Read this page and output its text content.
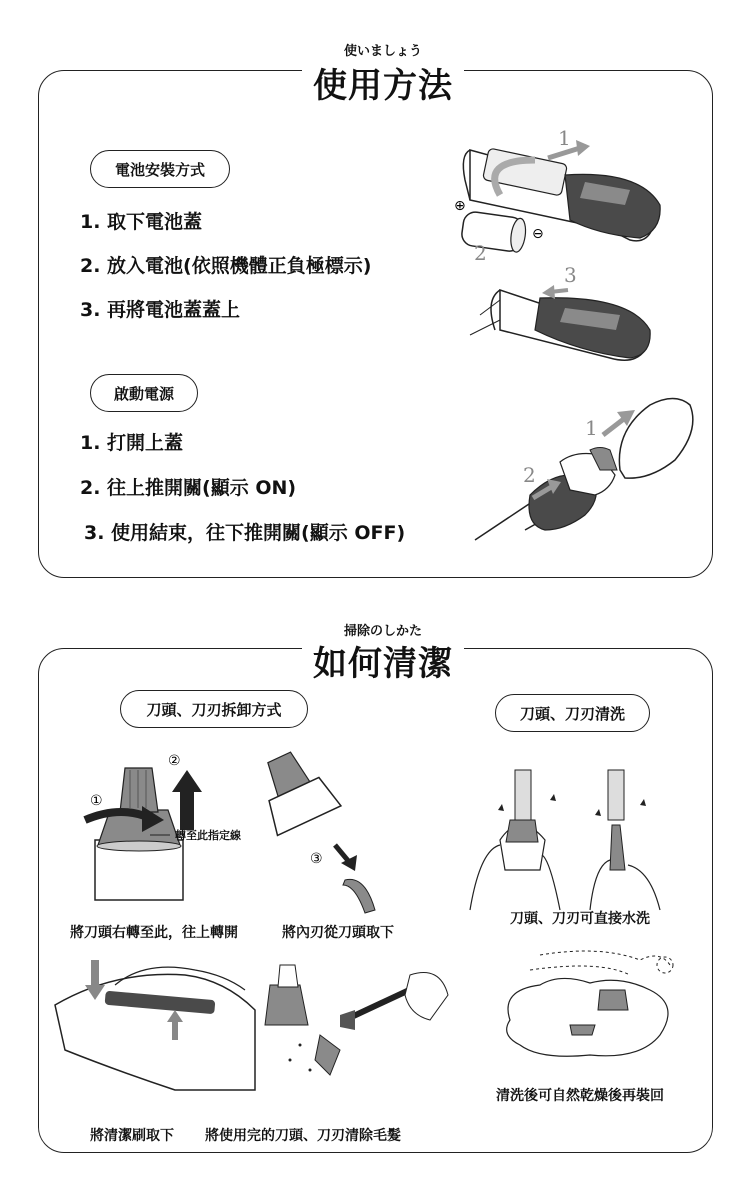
使いましょう
使用方法
電池安裝方式
1. 取下電池蓋
2. 放入電池(依照機體正負極標示)
3. 再將電池蓋蓋上
⊕
⊖
1
2
3
啟動電源
1. 打開上蓋
2. 往上推開關(顯示 ON)
3. 使用結束，往下推開關(顯示 OFF)
1
2
掃除のしかた
如何清潔
刀頭、刀刃拆卸方式	刀頭、刀刃清洗
①
②
轉至此指定線
③
將刀頭右轉至此，往上轉開	將內刃從刀頭取下
刀頭、刀刃可直接水洗
清洗後可自然乾燥後再裝回
將清潔刷取下 將使用完的刀頭、刀刃清除毛髮
